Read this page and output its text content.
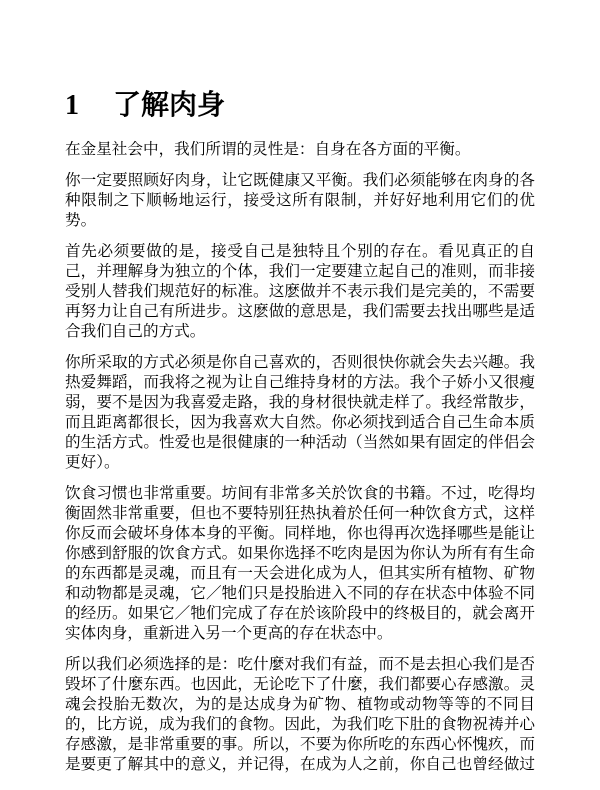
1 了解肉身
在金星社会中，我们所谓的灵性是：自身在各方面的平衡。
你一定要照顾好肉身，让它既健康又平衡。我们必须能够在肉身的各
种限制之下顺畅地运行，接受这所有限制，并好好地利用它们的优
势。
首先必须要做的是，接受自己是独特且个别的存在。看见真正的自
己，并理解身为独立的个体，我们一定要建立起自己的准则，而非接
受别人替我们规范好的标准。这麽做并不表示我们是完美的，不需要
再努力让自己有所进步。这麽做的意思是，我们需要去找出哪些是适
合我们自己的方式。
你所采取的方式必须是你自己喜欢的，否则很快你就会失去兴趣。我
热爱舞蹈，而我将之视为让自己维持身材的方法。我个子娇小又很瘦
弱，要不是因为我喜爱走路，我的身材很快就走样了。我经常散步，
而且距离都很长，因为我喜欢大自然。你必须找到适合自己生命本质
的生活方式。性爱也是很健康的一种活动（当然如果有固定的伴侣会
更好）。
饮食习惯也非常重要。坊间有非常多关於饮食的书籍。不过，吃得均
衡固然非常重要，但也不要特别狂热执着於任何一种饮食方式，这样
你反而会破坏身体本身的平衡。同样地，你也得再次选择哪些是能让
你感到舒服的饮食方式。如果你选择不吃肉是因为你认为所有有生命
的东西都是灵魂，而且有一天会进化成为人，但其实所有植物、矿物
和动物都是灵魂，它／牠们只是投胎进入不同的存在状态中体验不同
的经历。如果它／牠们完成了存在於该阶段中的终极目的，就会离开
实体肉身，重新进入另一个更高的存在状态中。
所以我们必须选择的是：吃什麼对我们有益，而不是去担心我们是否
毁坏了什麼东西。也因此，无论吃下了什麼，我们都要心存感激。灵
魂会投胎无数次，为的是达成身为矿物、植物或动物等等的不同目
的，比方说，成为我们的食物。因此，为我们吃下肚的食物祝祷并心
存感激，是非常重要的事。所以，不要为你所吃的东西心怀愧疚，而
是要更了解其中的意义，并记得，在成为人之前，你自己也曾经做过
